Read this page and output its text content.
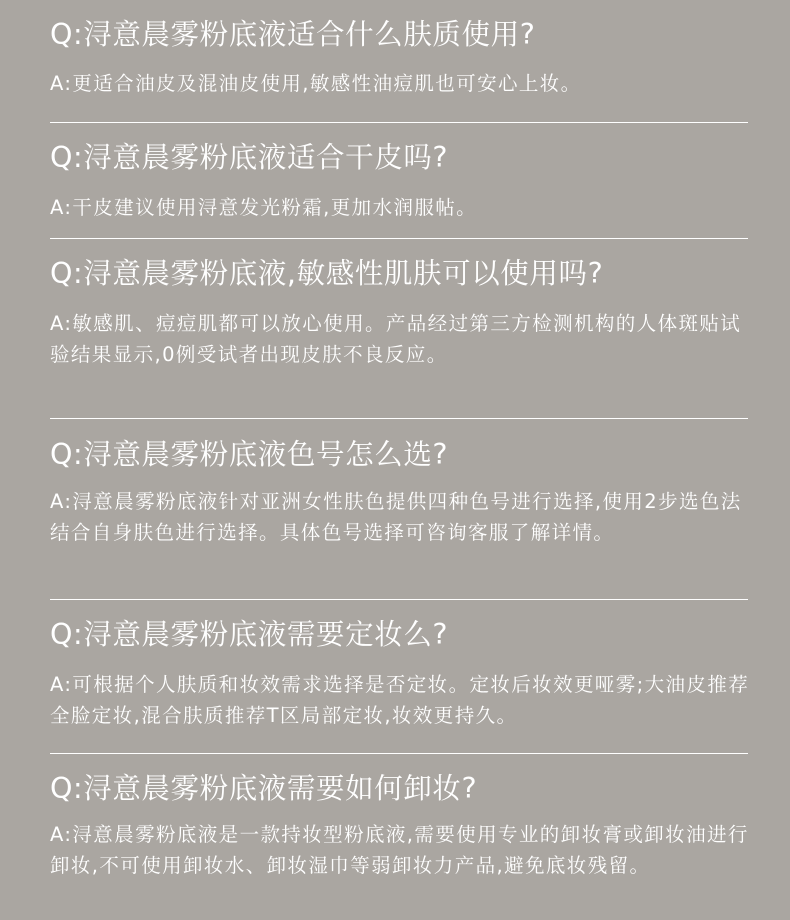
Q:浔意晨雾粉底液适合什么肤质使用?

A:更适合油皮及混油皮使用,敏感性油痘肌也可安心上妆。

Q:浔意晨雾粉底液适合干皮吗?

A:干皮建议使用浔意发光粉霜,更加水润服帖。

Q:浔意晨雾粉底液,敏感性肌肤可以使用吗?

A:敏感肌、痘痘肌都可以放心使用。产品经过第三方检测机构的人体斑贴试验结果显示,0例受试者出现皮肤不良反应。

Q:浔意晨雾粉底液色号怎么选?

A:浔意晨雾粉底液针对亚洲女性肤色提供四种色号进行选择,使用2步选色法结合自身肤色进行选择。具体色号选择可咨询客服了解详情。

Q:浔意晨雾粉底液需要定妆么?

A:可根据个人肤质和妆效需求选择是否定妆。定妆后妆效更哑雾;大油皮推荐全脸定妆,混合肤质推荐T区局部定妆,妆效更持久。

Q:浔意晨雾粉底液需要如何卸妆?

A:浔意晨雾粉底液是一款持妆型粉底液,需要使用专业的卸妆膏或卸妆油进行卸妆,不可使用卸妆水、卸妆湿巾等弱卸妆力产品,避免底妆残留。
